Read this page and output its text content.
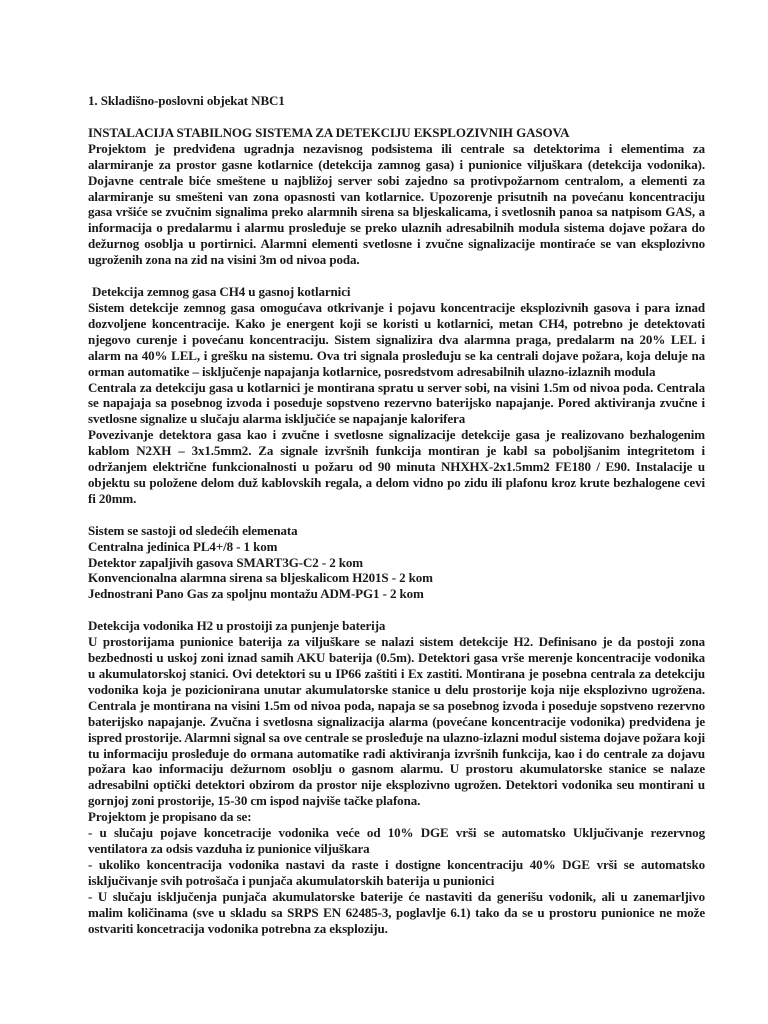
1. Skladišno-poslovni objekat NBC1

INSTALACIJA STABILNOG SISTEMA ZA DETEKCIJU EKSPLOZIVNIH GASOVA

Projektom je predviđena ugradnja nezavisnog podsistema ili centrale sa detektorima i elementima za alarmiranje za prostor gasne kotlarnice (detekcija zamnog gasa) i punionice viljuškara (detekcija vodonika). Dojavne centrale biće smeštene u najbližoj server sobi zajedno sa protivpožarnom centralom, a elementi za alarmiranje su smešteni van zona opasnosti van kotlarnice. Upozorenje prisutnih na povećanu koncentraciju gasa vršiće se zvučnim signalima preko alarmnih sirena sa bljeskalicama, i svetlosnih panoa sa natpisom GAS, a informacija o predalarmu i alarmu prosleđuje se preko ulaznih adresabilnih modula sistema dojave požara do dežurnog osoblja u portirnici. Alarmni elementi svetlosne i zvučne signalizacije montiraće se van eksplozivno ugroženih zona na zid na visini 3m od nivoa poda.

Detekcija zemnog gasa CH4 u gasnoj kotlarnici

Sistem detekcije zemnog gasa omogućava otkrivanje i pojavu koncentracije eksplozivnih gasova i para iznad dozvoljene koncentracije. Kako je energent koji se koristi u kotlarnici, metan CH4, potrebno je detektovati njegovo curenje i povećanu koncentraciju. Sistem signalizira dva alarmna praga, predalarm na 20% LEL i alarm na 40% LEL, i grešku na sistemu. Ova tri signala prosleđuju se ka centrali dojave požara, koja deluje na orman automatike – isključenje napajanja kotlarnice, posredstvom adresabilnih ulazno-izlaznih modula

Centrala za detekciju gasa u kotlarnici je montirana spratu u server sobi, na visini 1.5m od nivoa poda. Centrala se napajaja sa posebnog izvoda i poseduje sopstveno rezervno baterijsko napajanje. Pored aktiviranja zvučne i svetlosne signalize u slučaju alarma isključiće se napajanje kalorifera

Povezivanje detektora gasa kao i zvučne i svetlosne signalizacije detekcije gasa je realizovano bezhalogenim kablom N2XH – 3x1.5mm2. Za signale izvršnih funkcija montiran je kabl sa poboljšanim integritetom i održanjem električne funkcionalnosti u požaru od 90 minuta NHXHX-2x1.5mm2 FE180 / E90. Instalacije u objektu su položene delom duž kablovskih regala, a delom vidno po zidu ili plafonu kroz krute bezhalogene cevi fi 20mm.

Sistem se sastoji od sledećih elemenata

Centralna jedinica PL4+/8 - 1 kom

Detektor zapaljivih gasova SMART3G-C2 - 2 kom

Konvencionalna alarmna sirena sa bljeskalicom H201S - 2 kom

Jednostrani Pano Gas za spoljnu montažu ADM-PG1 - 2 kom

Detekcija vodonika H2 u prostoiji za punjenje baterija

U prostorijama punionice baterija za viljuškare se nalazi sistem detekcije H2. Definisano je da postoji zona bezbednosti u uskoj zoni iznad samih AKU baterija (0.5m). Detektori gasa vrše merenje koncentracije vodonika u akumulatorskoj stanici. Ovi detektori su u IP66 zaštiti i Ex zastiti. Montirana je posebna centrala za detekciju vodonika koja je pozicionirana unutar akumulatorske stanice u delu prostorije koja nije eksplozivno ugrožena. Centrala je montirana na visini 1.5m od nivoa poda, napaja se sa posebnog izvoda i poseduje sopstveno rezervno baterijsko napajanje. Zvučna i svetlosna signalizacija alarma (povećane koncentracije vodonika) predviđena je ispred prostorije. Alarmni signal sa ove centrale se prosleđuje na ulazno-izlazni modul sistema dojave požara koji tu informaciju prosleđuje do ormana automatike radi aktiviranja izvršnih funkcija, kao i do centrale za dojavu požara kao informaciju dežurnom osoblju o gasnom alarmu. U prostoru akumulatorske stanice se nalaze adresabilni optički detektori obzirom da prostor nije eksplozivno ugrožen. Detektori vodonika seu montirani u gornjoj zoni prostorije, 15-30 cm ispod najviše tačke plafona.

Projektom je propisano da se:

- u slučaju pojave koncetracije vodonika veće od 10% DGE vrši se automatsko Uključivanje rezervnog ventilatora za odsis vazduha iz punionice viljuškara

- ukoliko koncentracija vodonika nastavi da raste i dostigne koncentraciju 40% DGE vrši se automatsko isključivanje svih potrošača i punjača akumulatorskih baterija u punionici

- U slučaju isključenja punjača akumulatorske baterije će nastaviti da generišu vodonik, ali u zanemarljivo malim količinama (sve u skladu sa SRPS EN 62485-3, poglavlje 6.1) tako da se u prostoru punionice ne može ostvariti koncetracija vodonika potrebna za eksploziju.
